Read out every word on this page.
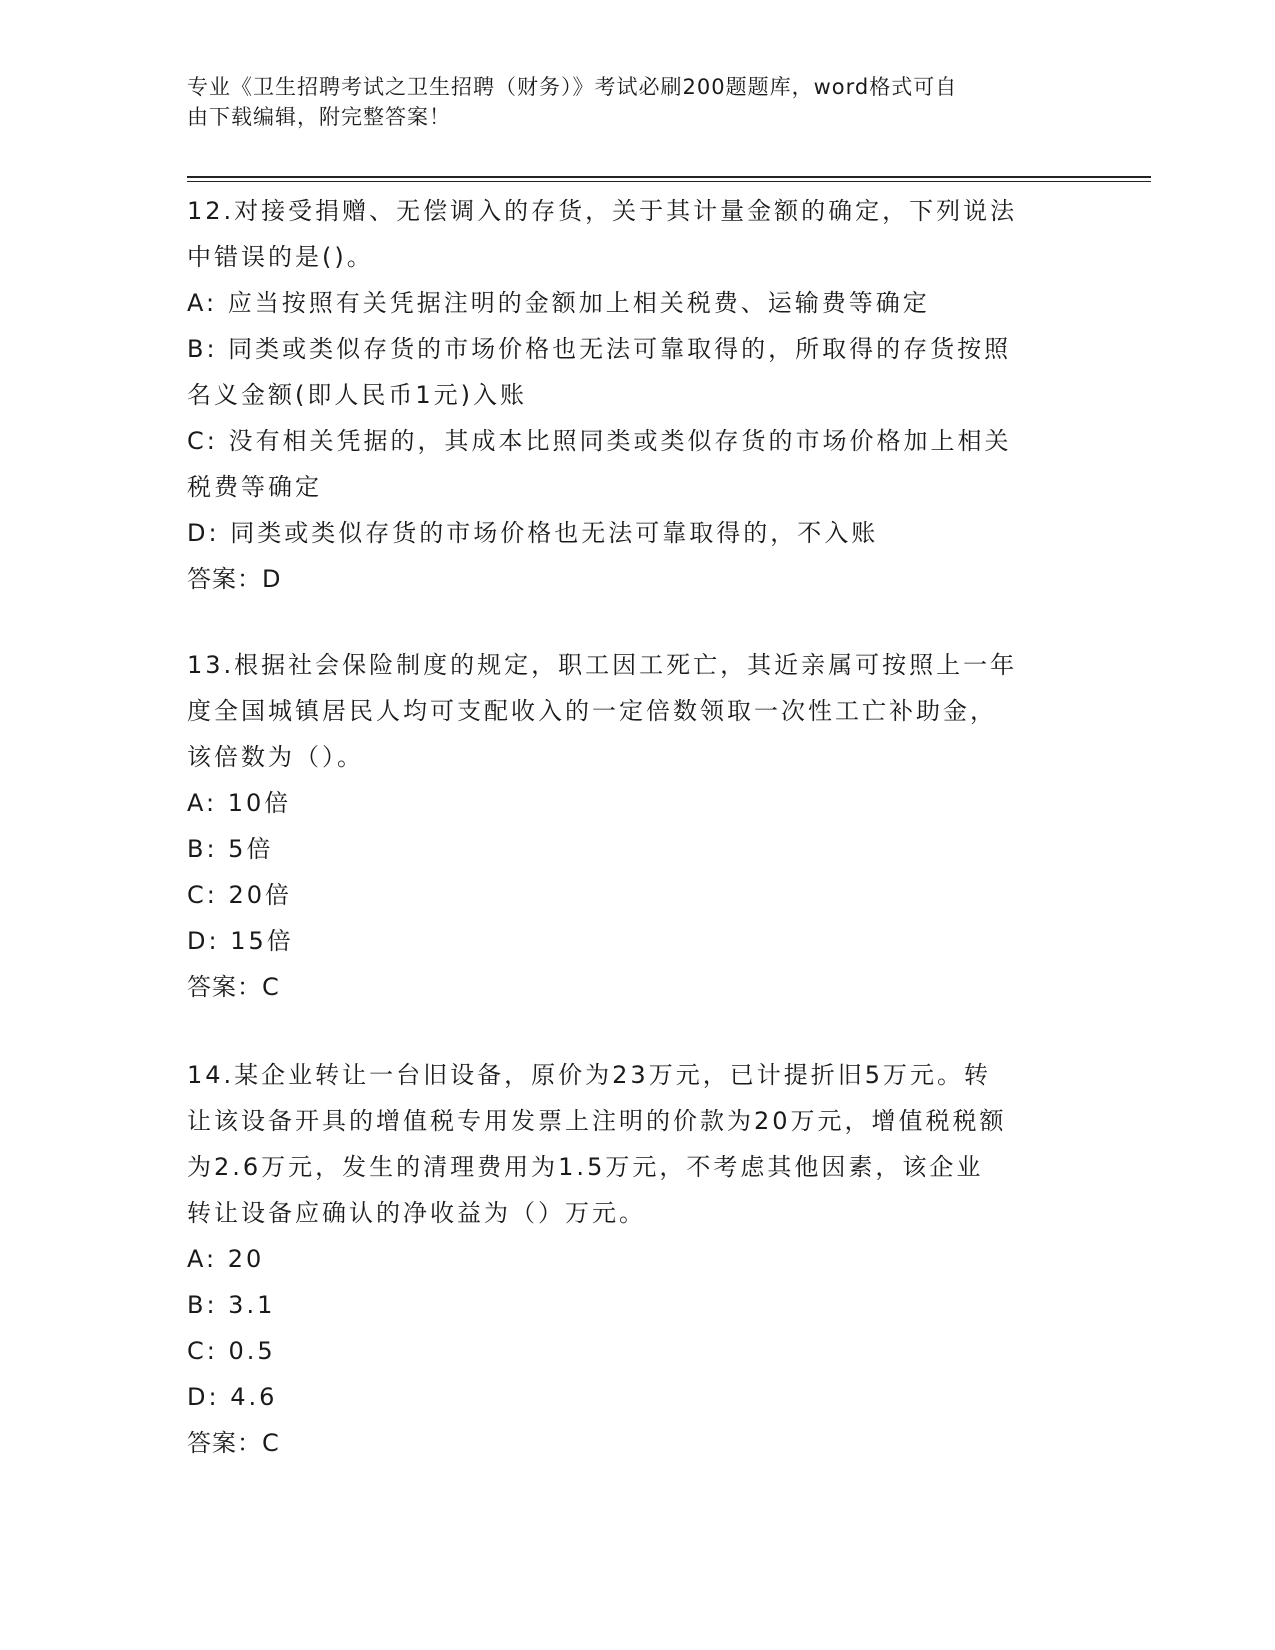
专业《卫生招聘考试之卫生招聘（财务）》考试必刷200题题库，word格式可自
由下载编辑，附完整答案！
12.对接受捐赠、无偿调入的存货，关于其计量金额的确定，下列说法
中错误的是()。
A: 应当按照有关凭据注明的金额加上相关税费、运输费等确定
B: 同类或类似存货的市场价格也无法可靠取得的，所取得的存货按照
名义金额(即人民币1元)入账
C: 没有相关凭据的，其成本比照同类或类似存货的市场价格加上相关
税费等确定
D: 同类或类似存货的市场价格也无法可靠取得的，不入账
答案：D
13.根据社会保险制度的规定，职工因工死亡，其近亲属可按照上一年
度全国城镇居民人均可支配收入的一定倍数领取一次性工亡补助金，
该倍数为（）。
A: 10倍
B: 5倍
C: 20倍
D: 15倍
答案：C
14.某企业转让一台旧设备，原价为23万元，已计提折旧5万元。转
让该设备开具的增值税专用发票上注明的价款为20万元，增值税税额
为2.6万元，发生的清理费用为1.5万元，不考虑其他因素，该企业
转让设备应确认的净收益为（）万元。
A: 20
B: 3.1
C: 0.5
D: 4.6
答案：C
